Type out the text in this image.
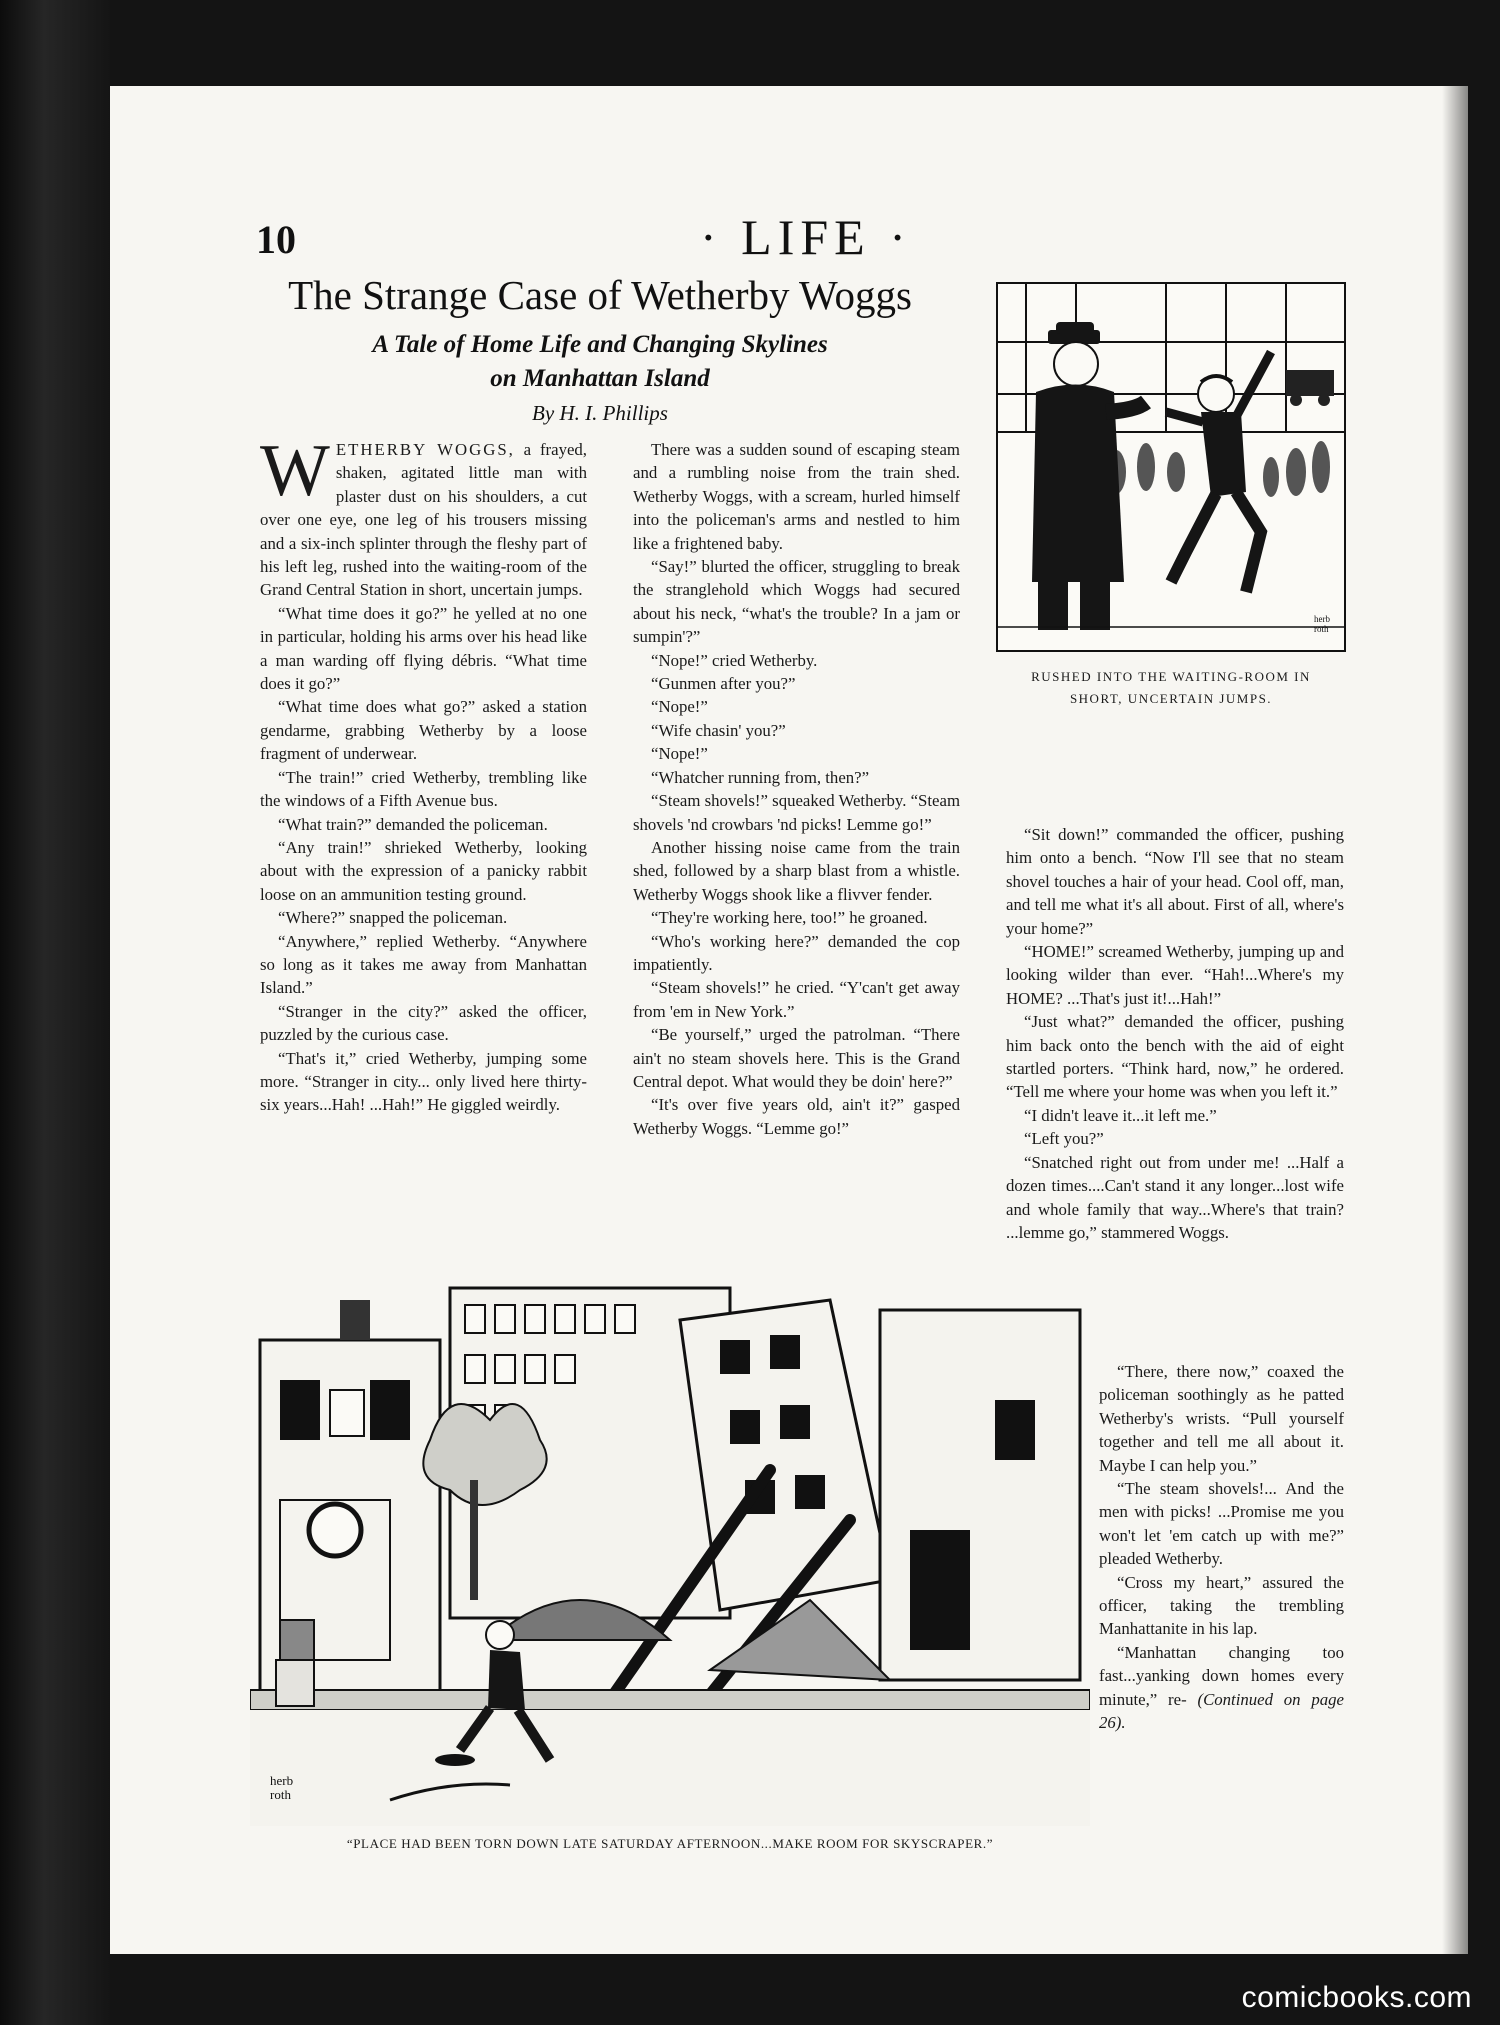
10	· LIFE ·
The Strange Case of Wetherby Woggs
A Tale of Home Life and Changing Skylines
on Manhattan Island
By H. I. Phillips

WETHERBY WOGGS, a frayed, shaken, agitated little man with plaster dust on his shoulders, a cut over one eye, one leg of his trousers missing and a six-inch splinter through the fleshy part of his left leg, rushed into the waiting-room of the Grand Central Station in short, uncertain jumps.

“What time does it go?” he yelled at no one in particular, holding his arms over his head like a man warding off flying débris. “What time does it go?”

“What time does what go?” asked a station gendarme, grabbing Wetherby by a loose fragment of underwear.

“The train!” cried Wetherby, trembling like the windows of a Fifth Avenue bus.

“What train?” demanded the policeman.

“Any train!” shrieked Wetherby, looking about with the expression of a panicky rabbit loose on an ammunition testing ground.

“Where?” snapped the policeman.

“Anywhere,” replied Wetherby. “Anywhere so long as it takes me away from Manhattan Island.”

“Stranger in the city?” asked the officer, puzzled by the curious case.

“That's it,” cried Wetherby, jumping some more. “Stranger in city... only lived here thirty-six years...Hah! ...Hah!” He giggled weirdly.

There was a sudden sound of escaping steam and a rumbling noise from the train shed. Wetherby Woggs, with a scream, hurled himself into the policeman's arms and nestled to him like a frightened baby.

“Say!” blurted the officer, struggling to break the stranglehold which Woggs had secured about his neck, “what's the trouble? In a jam or sumpin'?”

“Nope!” cried Wetherby.

“Gunmen after you?”

“Nope!”

“Wife chasin' you?”

“Nope!”

“Whatcher running from, then?”

“Steam shovels!” squeaked Wetherby. “Steam shovels 'nd crowbars 'nd picks! Lemme go!”

Another hissing noise came from the train shed, followed by a sharp blast from a whistle. Wetherby Woggs shook like a flivver fender.

“They're working here, too!” he groaned.

“Who's working here?” demanded the cop impatiently.

“Steam shovels!” he cried. “Y'can't get away from 'em in New York.”

“Be yourself,” urged the patrolman. “There ain't no steam shovels here. This is the Grand Central depot. What would they be doin' here?”

“It's over five years old, ain't it?” gasped Wetherby Woggs. “Lemme go!”

herb
roth
RUSHED INTO THE WAITING-ROOM IN
SHORT, UNCERTAIN JUMPS.

“Sit down!” commanded the officer, pushing him onto a bench. “Now I'll see that no steam shovel touches a hair of your head. Cool off, man, and tell me what it's all about. First of all, where's your home?”

“HOME!” screamed Wetherby, jumping up and looking wilder than ever. “Hah!...Where's my HOME? ...That's just it!...Hah!”

“Just what?” demanded the officer, pushing him back onto the bench with the aid of eight startled porters. “Think hard, now,” he ordered. “Tell me where your home was when you left it.”

“I didn't leave it...it left me.”

“Left you?”

“Snatched right out from under me! ...Half a dozen times....Can't stand it any longer...lost wife and whole family that way...Where's that train? ...lemme go,” stammered Woggs.

“There, there now,” coaxed the policeman soothingly as he patted Wetherby's wrists. “Pull yourself together and tell me all about it. Maybe I can help you.”

“The steam shovels!... And the men with picks! ...Promise me you won't let 'em catch up with me?” pleaded Wetherby.

“Cross my heart,” assured the officer, taking the trembling Manhattanite in his lap.

“Manhattan changing too fast...yanking down homes every minute,” re- (Continued on page 26).

herb
roth
“PLACE HAD BEEN TORN DOWN LATE SATURDAY AFTERNOON...MAKE ROOM FOR SKYSCRAPER.”
comicbooks.com
